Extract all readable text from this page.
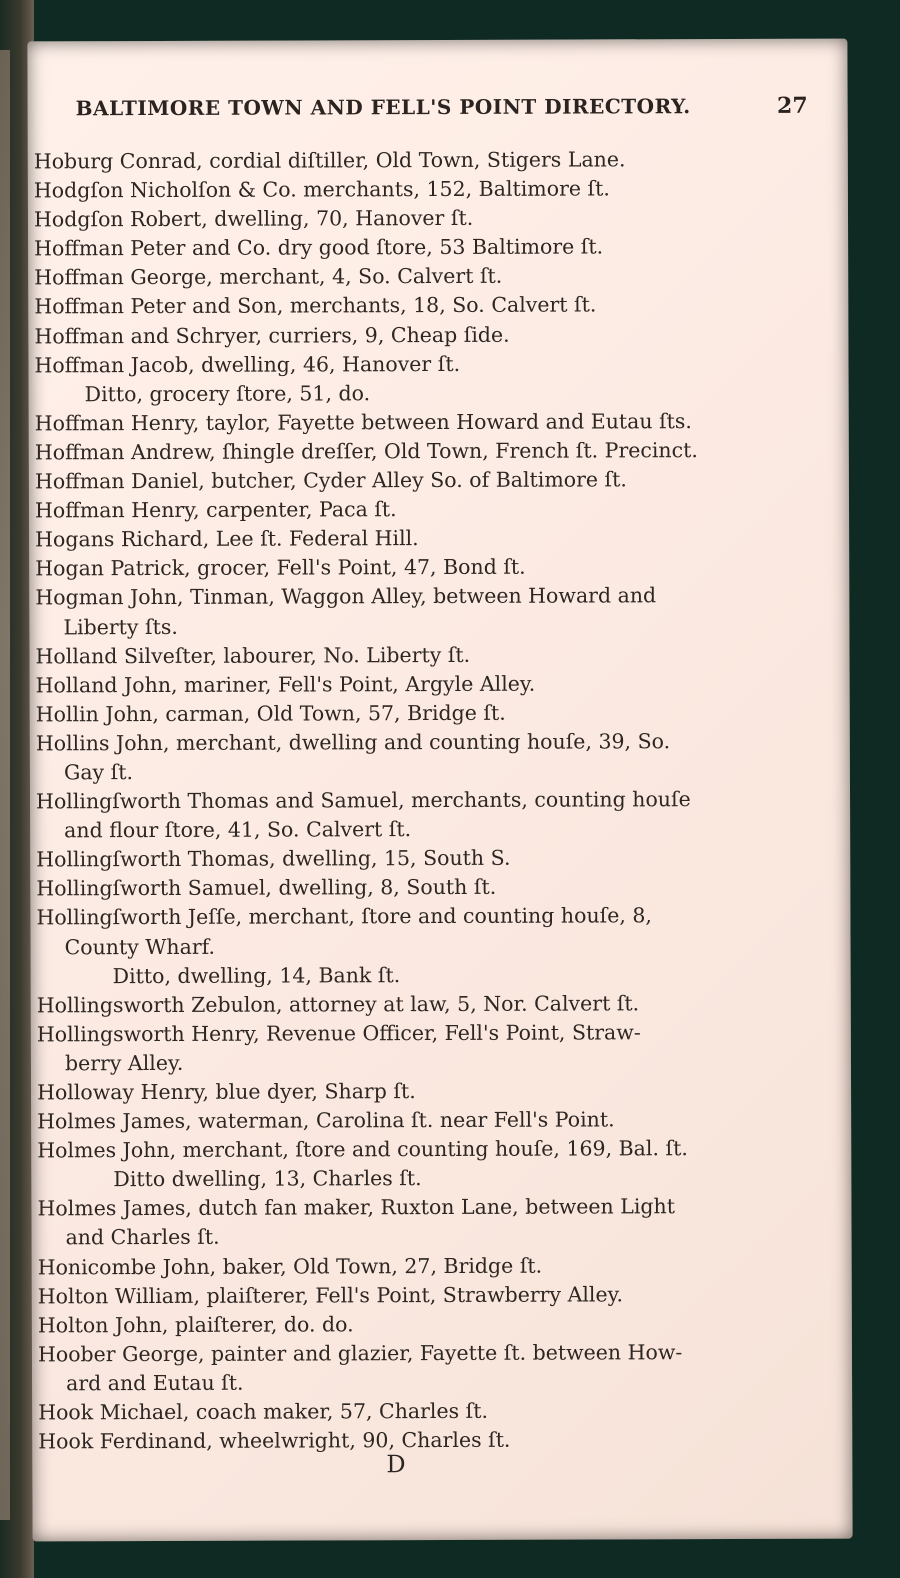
BALTIMORE TOWN AND FELL'S POINT DIRECTORY.	27
Hoburg Conrad, cordial diſtiller, Old Town, Stigers Lane.
Hodgſon Nicholſon & Co. merchants, 152, Baltimore ſt.
Hodgſon Robert, dwelling, 70, Hanover ſt.
Hoffman Peter and Co. dry good ſtore, 53 Baltimore ſt.
Hoffman George, merchant, 4, So. Calvert ſt.
Hoffman Peter and Son, merchants, 18, So. Calvert ſt.
Hoffman and Schryer, curriers, 9, Cheap ſide.
Hoffman Jacob, dwelling, 46, Hanover ſt.
Ditto, grocery ſtore, 51, do.
Hoffman Henry, taylor, Fayette between Howard and Eutau ſts.
Hoffman Andrew, ſhingle dreſſer, Old Town, French ſt. Precinct.
Hoffman Daniel, butcher, Cyder Alley So. of Baltimore ſt.
Hoffman Henry, carpenter, Paca ſt.
Hogans Richard, Lee ſt. Federal Hill.
Hogan Patrick, grocer, Fell's Point, 47, Bond ſt.
Hogman John, Tinman, Waggon Alley, between Howard and
Liberty ſts.
Holland Silveſter, labourer, No. Liberty ſt.
Holland John, mariner, Fell's Point, Argyle Alley.
Hollin John, carman, Old Town, 57, Bridge ſt.
Hollins John, merchant, dwelling and counting houſe, 39, So.
Gay ſt.
Hollingſworth Thomas and Samuel, merchants, counting houſe
and flour ſtore, 41, So. Calvert ſt.
Hollingſworth Thomas, dwelling, 15, South S.
Hollingſworth Samuel, dwelling, 8, South ſt.
Hollingſworth Jeſſe, merchant, ſtore and counting houſe, 8,
County Wharf.
Ditto, dwelling, 14, Bank ſt.
Hollingsworth Zebulon, attorney at law, 5, Nor. Calvert ſt.
Hollingsworth Henry, Revenue Officer, Fell's Point, Straw-
berry Alley.
Holloway Henry, blue dyer, Sharp ſt.
Holmes James, waterman, Carolina ſt. near Fell's Point.
Holmes John, merchant, ſtore and counting houſe, 169, Bal. ſt.
Ditto dwelling, 13, Charles ſt.
Holmes James, dutch fan maker, Ruxton Lane, between Light
and Charles ſt.
Honicombe John, baker, Old Town, 27, Bridge ſt.
Holton William, plaiſterer, Fell's Point, Strawberry Alley.
Holton John, plaiſterer, do. do.
Hoober George, painter and glazier, Fayette ſt. between How-
ard and Eutau ſt.
Hook Michael, coach maker, 57, Charles ſt.
Hook Ferdinand, wheelwright, 90, Charles ſt.
D
